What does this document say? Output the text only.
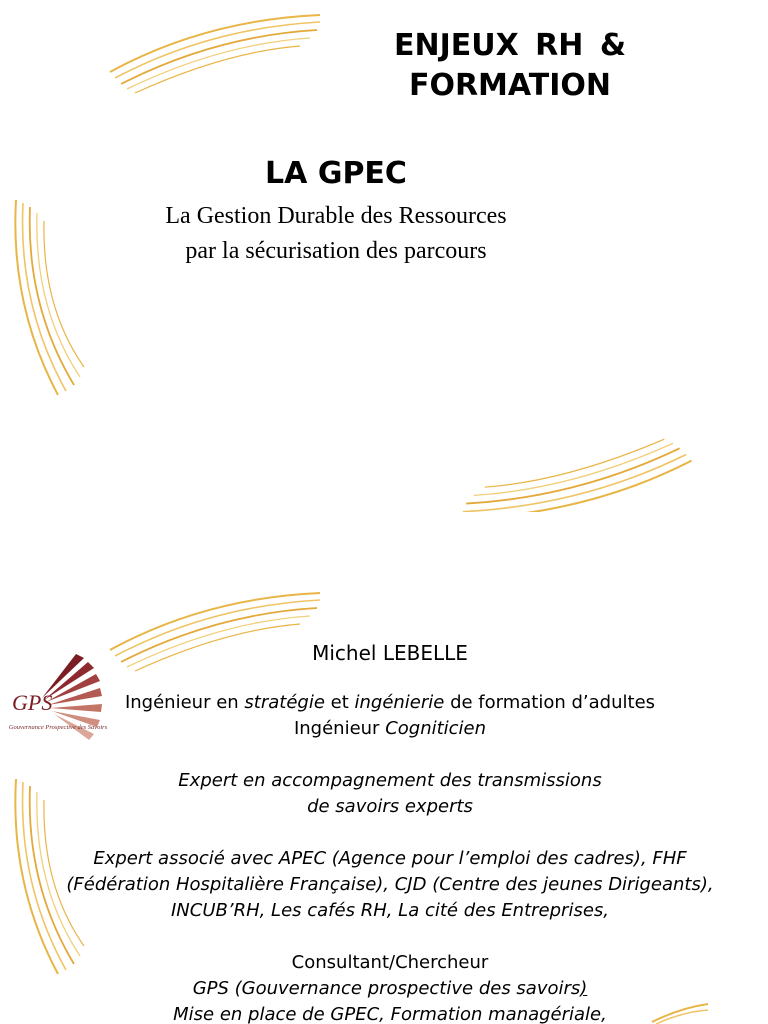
ENJEUX RH &
FORMATION
LA GPEC
La Gestion Durable des Ressources
par la sécurisation des parcours
GPS
Gouvernance Prospective des Savoirs

Michel LEBELLE

Ingénieur en stratégie et ingénierie de formation d’adultes

Ingénieur Cogniticien

Expert en accompagnement des transmissions

de savoirs experts

Expert associé avec APEC (Agence pour l’emploi des cadres), FHF

(Fédération Hospitalière Française), CJD (Centre des jeunes Dirigeants),

INCUB’RH, Les cafés RH, La cité des Entreprises,

Consultant/Chercheur

GPS (Gouvernance prospective des savoirs)

Mise en place de GPEC, Formation managériale,
